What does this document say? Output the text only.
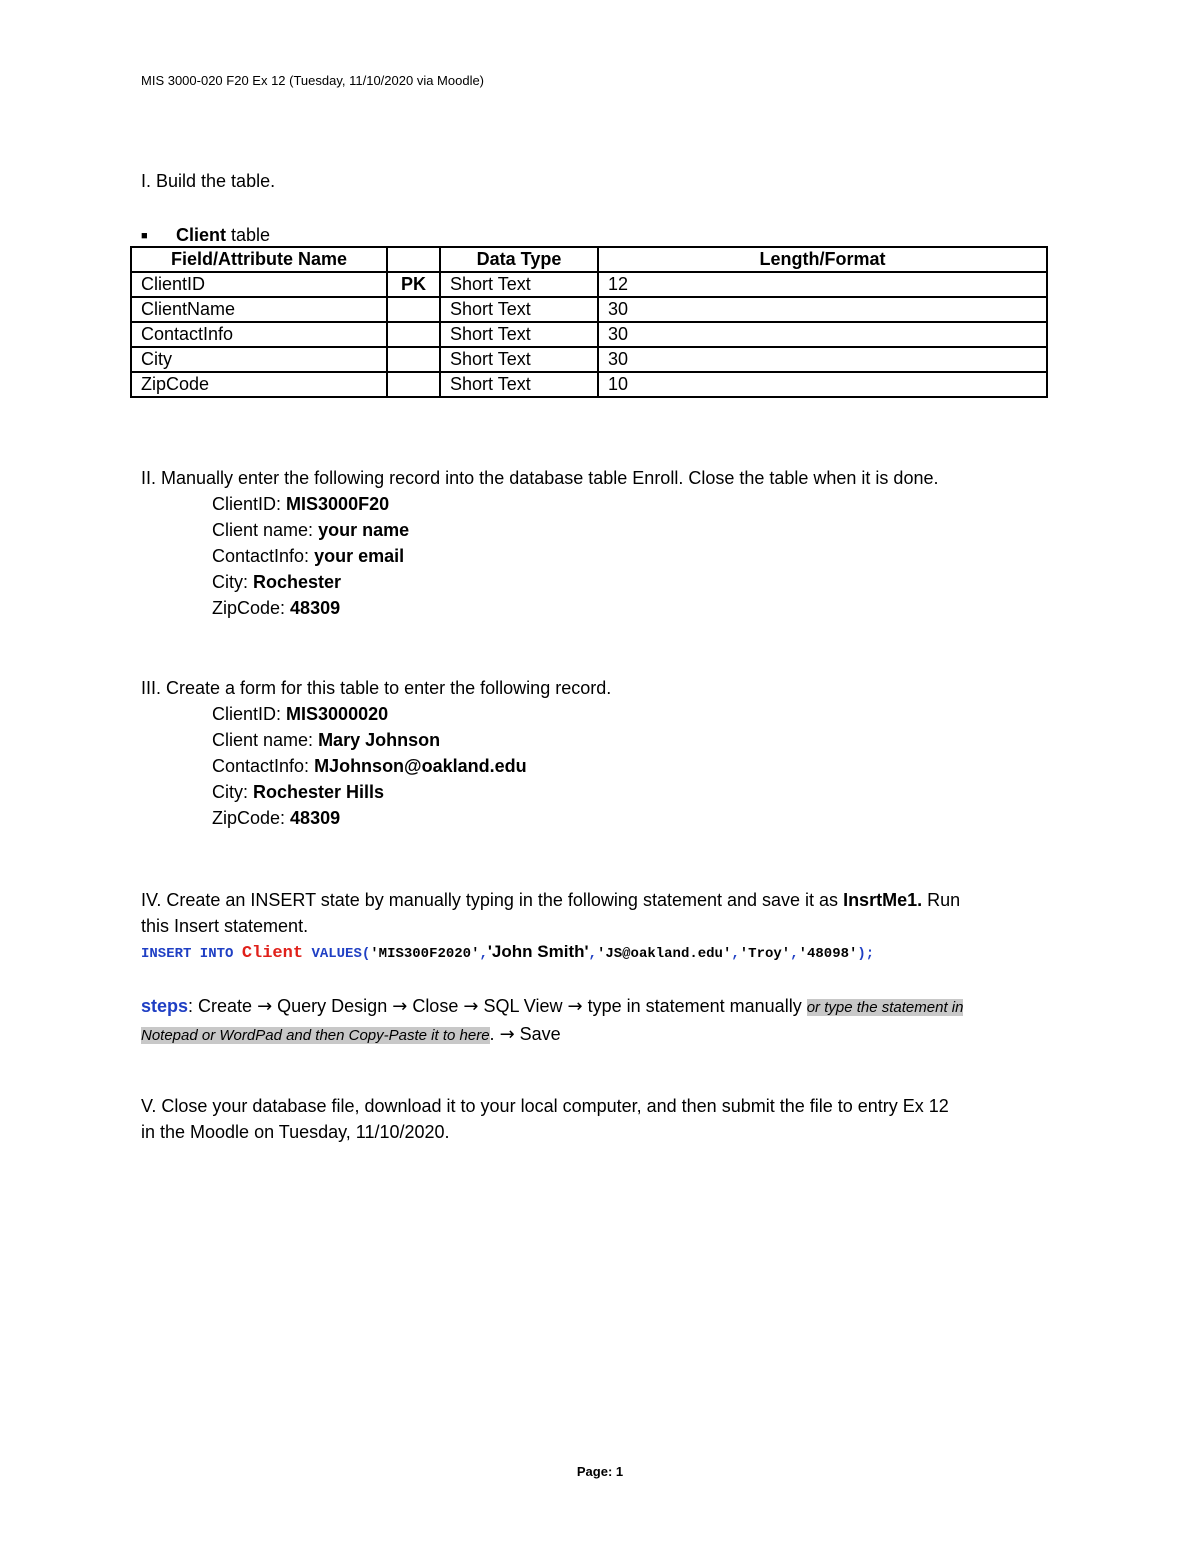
MIS 3000-020 F20 Ex 12 (Tuesday, 11/10/2020 via Moodle)
I. Build the table.
■ Client table
Field/Attribute Name		Data Type	Length/Format
ClientID	PK	Short Text	12
ClientName		Short Text	30
ContactInfo		Short Text	30
City		Short Text	30
ZipCode		Short Text	10
II. Manually enter the following record into the database table Enroll. Close the table when it is done.
ClientID: MIS3000F20
Client name: your name
ContactInfo: your email
City: Rochester
ZipCode: 48309
III. Create a form for this table to enter the following record.
ClientID: MIS3000020
Client name: Mary Johnson
ContactInfo: MJohnson@oakland.edu
City: Rochester Hills
ZipCode: 48309
IV. Create an INSERT state by manually typing in the following statement and save it as InsrtMe1. Run
this Insert statement.
INSERT INTO Client VALUES('MIS300F2020','John Smith','JS@oakland.edu','Troy','48098');
steps: Create → Query Design → Close → SQL View → type in statement manually or type the statement in
Notepad or WordPad and then Copy-Paste it to here. → Save
V. Close your database file, download it to your local computer, and then submit the file to entry Ex 12
in the Moodle on Tuesday, 11/10/2020.
Page: 1
